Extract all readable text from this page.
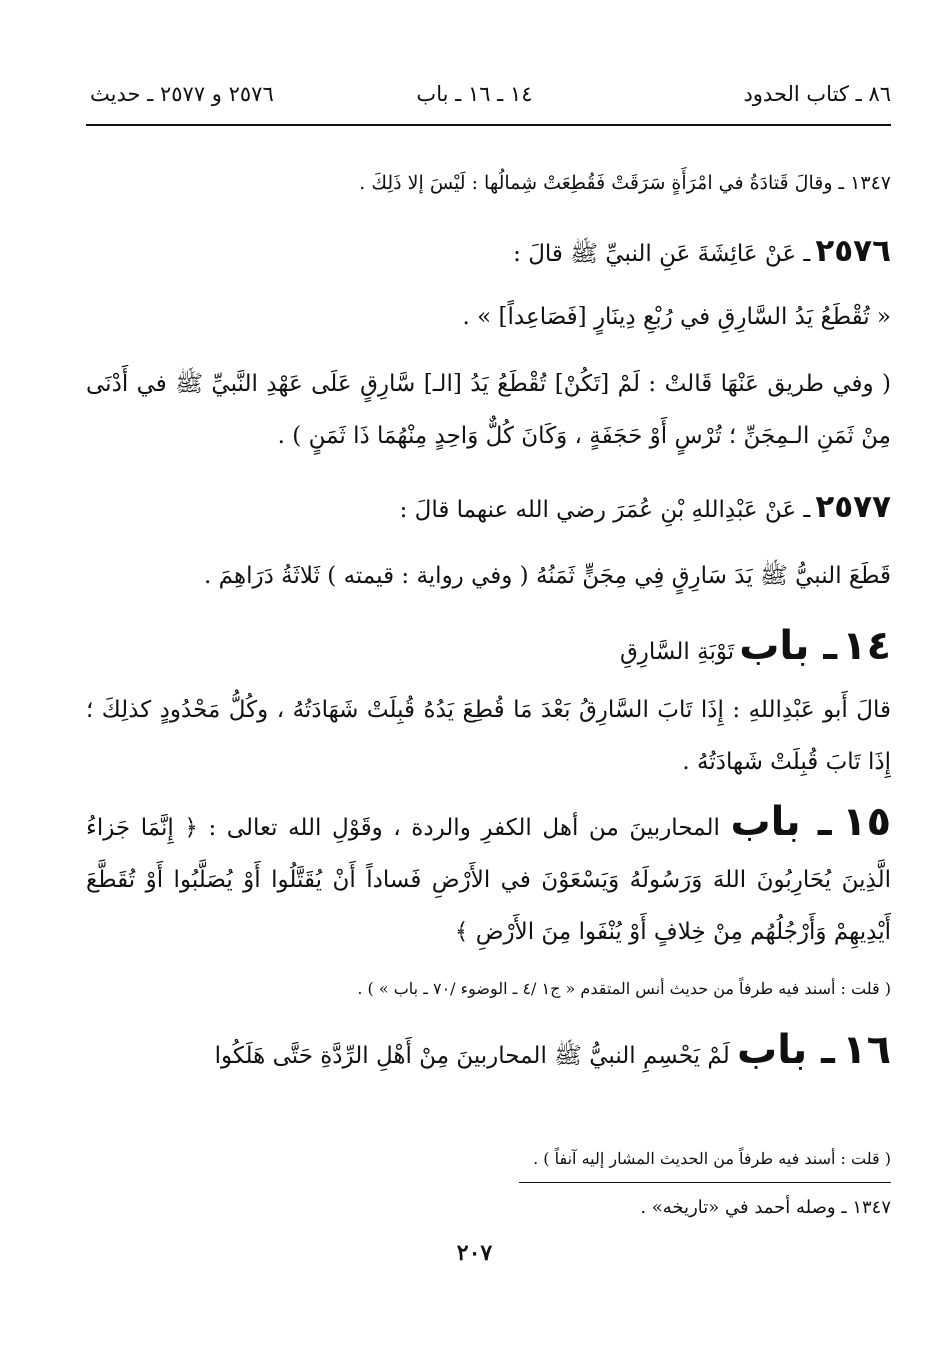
٨٦ ـ كتاب الحدود
١٤ ـ ١٦ ـ باب
٢٥٧٦ و ٢٥٧٧ ـ حديث
١٣٤٧ ـ وقالَ قَتادَةُ في امْرَأَةٍ سَرَقَتْ فَقُطِعَتْ شِمالُها : لَيْسَ إلا ذَلِكَ .
٢٥٧٦ ـ عَنْ عَائِشَةَ عَنِ النبيِّ ﷺ قالَ :
« تُقْطَعُ يَدُ السَّارِقِ في رُبْعِ دِينَارٍ [فَصَاعِداً] » .
( وفي طريق عَنْهَا قَالتْ : لَمْ [تَكُنْ] تُقْطَعُ يَدُ [الـ] سَّارِقٍ عَلَى عَهْدِ النَّبيِّ ﷺ في أَدْنَى مِنْ ثَمَنِ الـمِجَنِّ ؛ تُرْسٍ أَوْ حَجَفَةٍ ، وَكَانَ كُلٌّ وَاحِدٍ مِنْهُمَا ذَا ثَمَنٍ ) .
٢٥٧٧ ـ عَنْ عَبْدِاللهِ بْنِ عُمَرَ رضي الله عنهما قالَ :
قَطَعَ النبيُّ ﷺ يَدَ سَارِقٍ فِي مِجَنٍّ ثَمَنُهُ ( وفي رواية : قيمته ) ثَلاثَةُ دَرَاهِمَ .
١٤ ـ باب تَوْبَةِ السَّارِقِ
قالَ أَبو عَبْدِاللهِ : إِذَا تَابَ السَّارِقُ بَعْدَ مَا قُطِعَ يَدُهُ قُبِلَتْ شَهَادَتُهُ ، وكُلُّ مَحْدُودٍ كذلِكَ ؛ إِذَا تَابَ قُبِلَتْ شَهادَتُهُ .
١٥ ـ باب المحاربينَ من أهل الكفرِ والردة ، وقَوْلِ الله تعالى : ﴿ إِنَّمَا جَزاءُ الَّذِينَ يُحَارِبُونَ اللهَ وَرَسُولَهُ وَيَسْعَوْنَ في الأَرْضِ فَساداً أَنْ يُقَتَّلُوا أَوْ يُصَلَّبُوا أَوْ تُقَطَّعَ أَيْدِيهِمْ وَأَرْجُلُهُم مِنْ خِلافٍ أَوْ يُنْفَوا مِنَ الأَرْضِ ﴾
( قلت : أسند فيه طرفاً من حديث أنس المتقدم « ج١ /٤ ـ الوضوء /٧٠ ـ باب » ) .
١٦ ـ باب لَمْ يَحْسِمِ النبيُّ ﷺ المحاربينَ مِنْ أَهْلِ الرِّدَّةِ حَتَّى هَلَكُوا
( قلت : أسند فيه طرفاً من الحديث المشار إليه آنفاً ) .
١٣٤٧ ـ وصله أحمد في «تاريخه» .
٢٠٧
